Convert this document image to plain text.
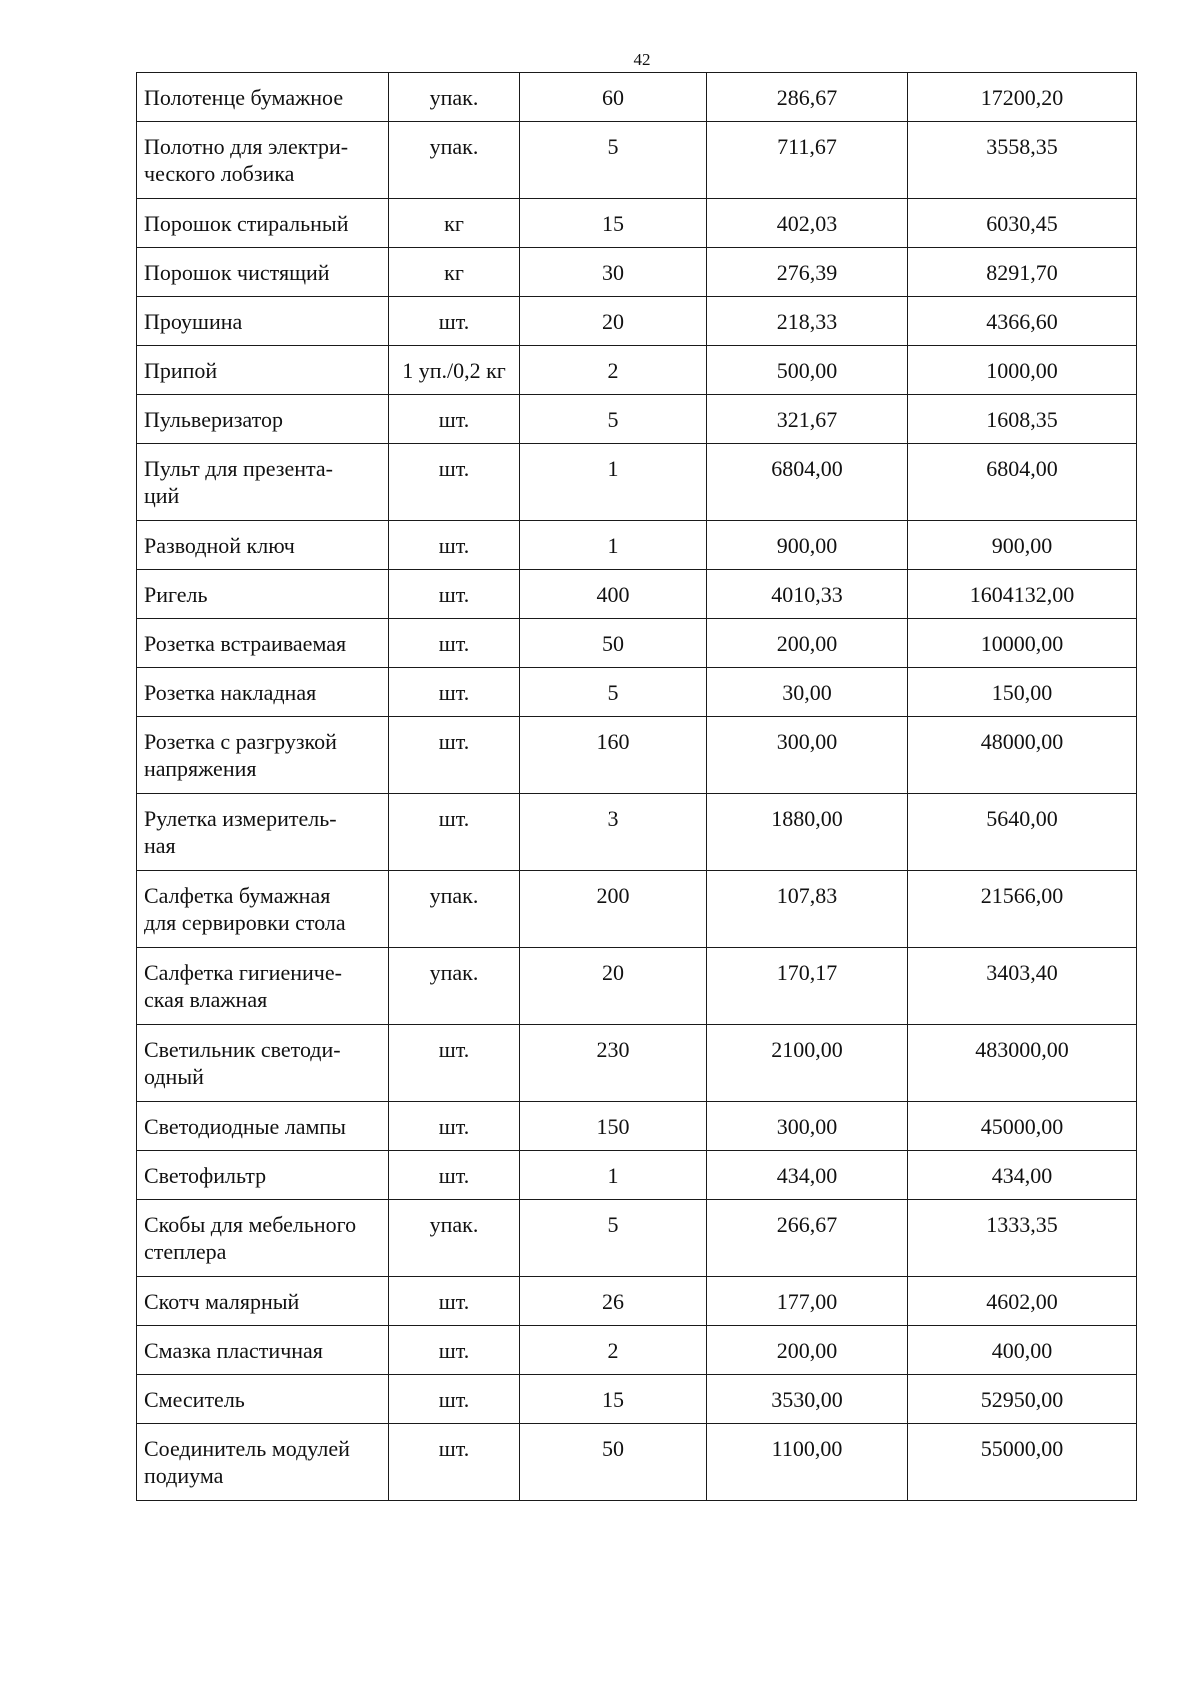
42
Полотенце бумажное	упак.	60	286,67	17200,20
Полотно для электри-
ческого лобзика	упак.	5	711,67	3558,35
Порошок стиральный	кг	15	402,03	6030,45
Порошок чистящий	кг	30	276,39	8291,70
Проушина	шт.	20	218,33	4366,60
Припой	1 уп./0,2 кг	2	500,00	1000,00
Пульверизатор	шт.	5	321,67	1608,35
Пульт для презента-
ций	шт.	1	6804,00	6804,00
Разводной ключ	шт.	1	900,00	900,00
Ригель	шт.	400	4010,33	1604132,00
Розетка встраиваемая	шт.	50	200,00	10000,00
Розетка накладная	шт.	5	30,00	150,00
Розетка с разгрузкой
напряжения	шт.	160	300,00	48000,00
Рулетка измеритель-
ная	шт.	3	1880,00	5640,00
Салфетка бумажная
для сервировки стола	упак.	200	107,83	21566,00
Салфетка гигиениче-
ская влажная	упак.	20	170,17	3403,40
Светильник светоди-
одный	шт.	230	2100,00	483000,00
Светодиодные лампы	шт.	150	300,00	45000,00
Светофильтр	шт.	1	434,00	434,00
Скобы для мебельного
степлера	упак.	5	266,67	1333,35
Скотч малярный	шт.	26	177,00	4602,00
Смазка пластичная	шт.	2	200,00	400,00
Смеситель	шт.	15	3530,00	52950,00
Соединитель модулей
подиума	шт.	50	1100,00	55000,00
